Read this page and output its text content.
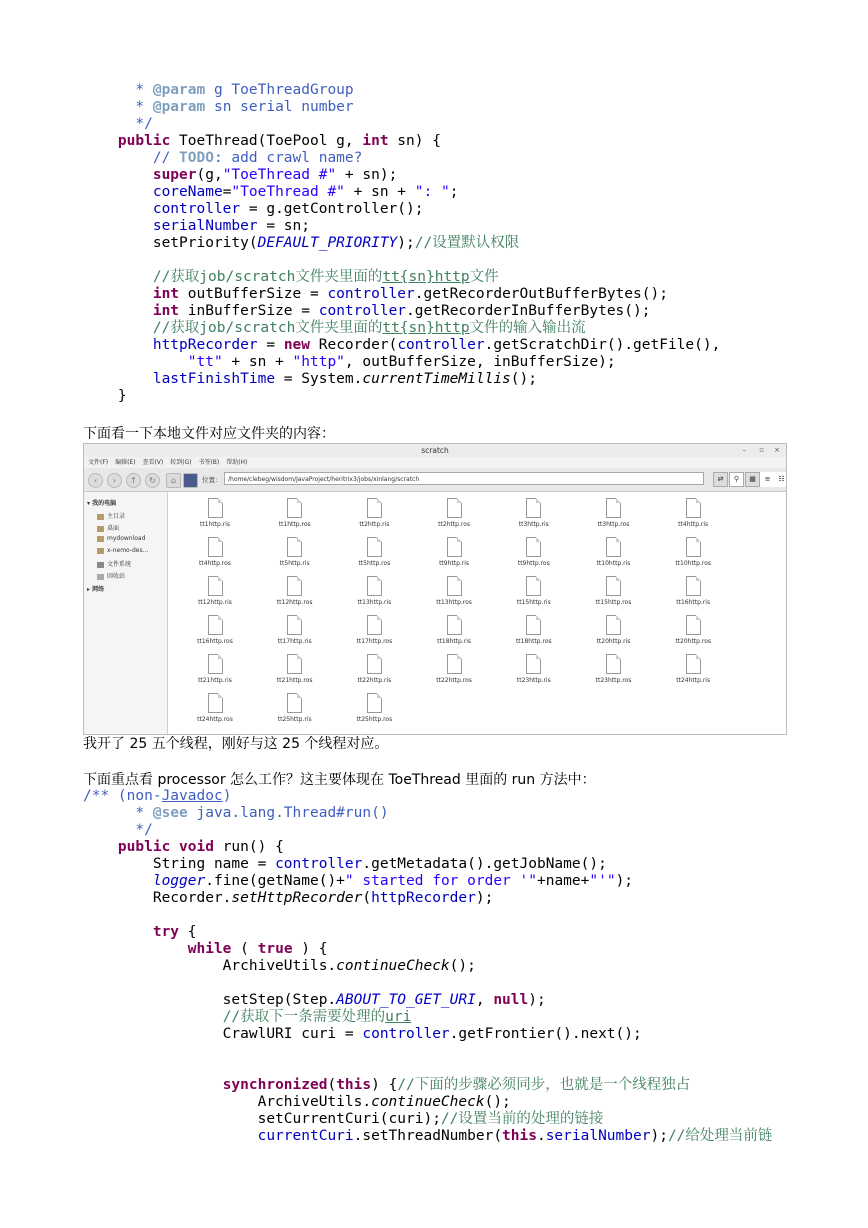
* @param g ToeThreadGroup
* @param sn serial number
*/
public ToeThread(ToePool g, int sn) {
// TODO: add crawl name?
super(g,"ToeThread #" + sn);
coreName="ToeThread #" + sn + ": ";
controller = g.getController();
serialNumber = sn;
setPriority(DEFAULT_PRIORITY);//设置默认权限

//获取job/scratch文件夹里面的tt{sn}http文件
int outBufferSize = controller.getRecorderOutBufferBytes();
int inBufferSize = controller.getRecorderInBufferBytes();
//获取job/scratch文件夹里面的tt{sn}http文件的输入输出流
httpRecorder = new Recorder(controller.getScratchDir().getFile(),
"tt" + sn + "http", outBufferSize, inBufferSize);
lastFinishTime = System.currentTimeMillis();
}
下面看一下本地文件对应文件夹的内容：
scratch	– ▫ ×
文件(F) 编辑(E) 查看(V) 转到(G) 书签(B) 帮助(H)
‹	›	↑	↻	⌂	位置：	/home/clebeg/wisdom/JavaProject/heritrix3/jobs/xinlang/scratch	⇄	⚲	▦	≡	☷
▾ 我的电脑
主目录
桌面
mydownload
x-nemo-des...
文件系统
回收站
▸ 网络
tt1http.ris	tt1http.ros	tt2http.ris	tt2http.ros	tt3http.ris	tt3http.ros	tt4http.ris
tt4http.ros	tt5http.ris	tt5http.ros	tt9http.ris	tt9http.ros	tt10http.ris	tt10http.ros
tt12http.ris	tt12http.ros	tt13http.ris	tt13http.ros	tt15http.ris	tt15http.ros	tt16http.ris
tt16http.ros	tt17http.ris	tt17http.ros	tt18http.ris	tt18http.ros	tt20http.ris	tt20http.ros
tt21http.ris	tt21http.ros	tt22http.ris	tt22http.ros	tt23http.ris	tt23http.ros	tt24http.ris
tt24http.ros	tt25http.ris	tt25http.ros
我开了 25 五个线程，刚好与这 25 个线程对应。
下面重点看 processor 怎么工作？这主要体现在 ToeThread 里面的 run 方法中：
/** (non-Javadoc)
* @see java.lang.Thread#run()
*/
public void run() {
String name = controller.getMetadata().getJobName();
logger.fine(getName()+" started for order '"+name+"'");
Recorder.setHttpRecorder(httpRecorder);

try {
while ( true ) {
ArchiveUtils.continueCheck();

setStep(Step.ABOUT_TO_GET_URI, null);
//获取下一条需要处理的uri
CrawlURI curi = controller.getFrontier().next();

synchronized(this) {//下面的步骤必须同步，也就是一个线程独占
ArchiveUtils.continueCheck();
setCurrentCuri(curi);//设置当前的处理的链接
currentCuri.setThreadNumber(this.serialNumber);//给处理当前链
